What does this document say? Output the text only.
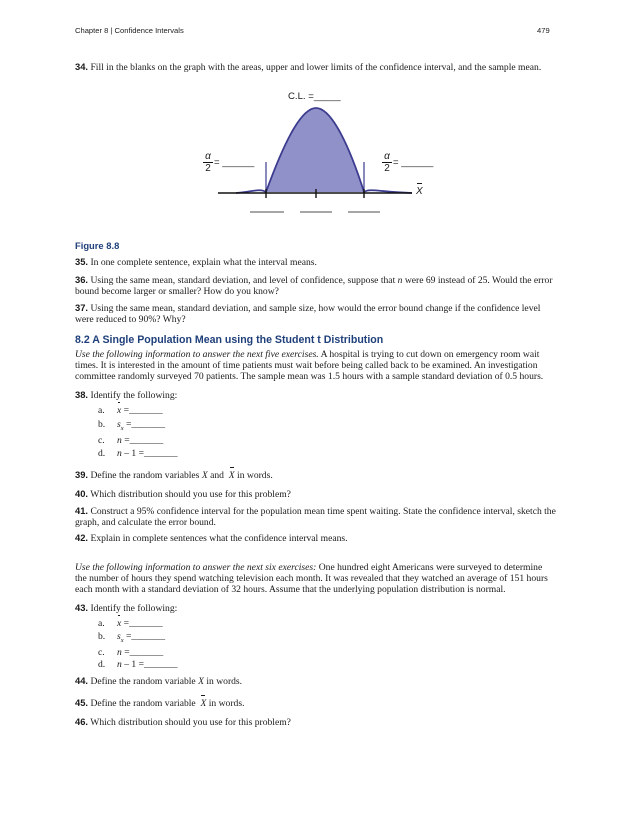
Chapter 8 | Confidence Intervals	479
34. Fill in the blanks on the graph with the areas, upper and lower limits of the confidence interval, and the sample mean.
C.L. =_____
α
2
= ______
α
2
= ______
X
Figure 8.8
35. In one complete sentence, explain what the interval means.
36. Using the same mean, standard deviation, and level of confidence, suppose that n were 69 instead of 25. Would the error bound become larger or smaller? How do you know?
37. Using the same mean, standard deviation, and sample size, how would the error bound change if the confidence level were reduced to 90%? Why?
8.2 A Single Population Mean using the Student t Distribution
Use the following information to answer the next five exercises. A hospital is trying to cut down on emergency room wait times. It is interested in the amount of time patients must wait before being called back to be examined. An investigation committee randomly surveyed 70 patients. The sample mean was 1.5 hours with a sample standard deviation of 0.5 hours.
38. Identify the following:
a. x =_______
b. $s_x$ =_______
c. n =_______
d. n – 1 =_______
39. Define the random variables X and  X in words.
40. Which distribution should you use for this problem?
41. Construct a 95% confidence interval for the population mean time spent waiting. State the confidence interval, sketch the graph, and calculate the error bound.
42. Explain in complete sentences what the confidence interval means.
Use the following information to answer the next six exercises: One hundred eight Americans were surveyed to determine the number of hours they spend watching television each month. It was revealed that they watched an average of 151 hours each month with a standard deviation of 32 hours. Assume that the underlying population distribution is normal.
43. Identify the following:
a. x =_______
b. $s_x$ =_______
c. n =_______
d. n – 1 =_______
44. Define the random variable X in words.
45. Define the random variable  X in words.
46. Which distribution should you use for this problem?
